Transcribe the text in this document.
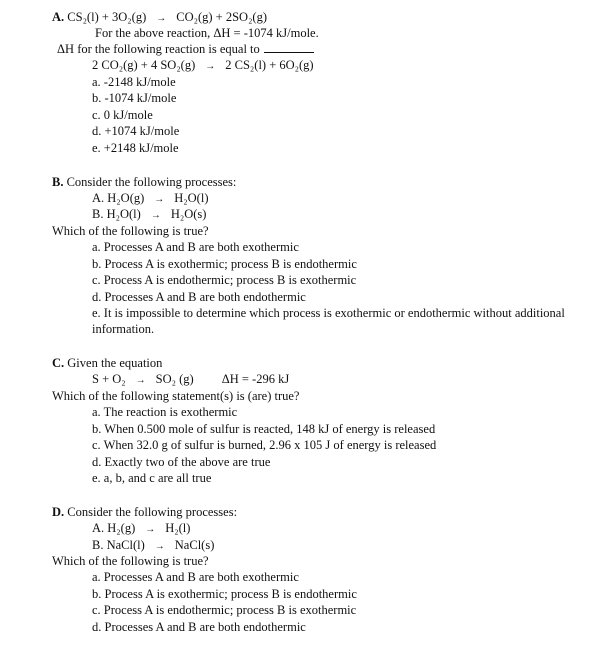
A. CS₂(l) + 3O₂(g) → CO₂(g) + 2SO₂(g)
For the above reaction, ΔH = -1074 kJ/mole.
ΔH for the following reaction is equal to
2 CO₂(g) + 4 SO₂(g) → 2 CS₂(l) + 6O₂(g)
a. -2148 kJ/mole
b. -1074 kJ/mole
c. 0 kJ/mole
d. +1074 kJ/mole
e. +2148 kJ/mole
B. Consider the following processes:
A. H₂O(g) → H₂O(l)
B. H₂O(l) → H₂O(s)
Which of the following is true?
a. Processes A and B are both exothermic
b. Process A is exothermic; process B is endothermic
c. Process A is endothermic; process B is exothermic
d. Processes A and B are both endothermic
e. It is impossible to determine which process is exothermic or endothermic without additional
information.
C. Given the equation
S + O₂ → SO₂ (g) ΔH = -296 kJ
Which of the following statement(s) is (are) true?
a. The reaction is exothermic
b. When 0.500 mole of sulfur is reacted, 148 kJ of energy is released
c. When 32.0 g of sulfur is burned, 2.96 x 105 J of energy is released
d. Exactly two of the above are true
e. a, b, and c are all true
D. Consider the following processes:
A. H₂(g) → H₂(l)
B. NaCl(l) → NaCl(s)
Which of the following is true?
a. Processes A and B are both exothermic
b. Process A is exothermic; process B is endothermic
c. Process A is endothermic; process B is exothermic
d. Processes A and B are both endothermic
